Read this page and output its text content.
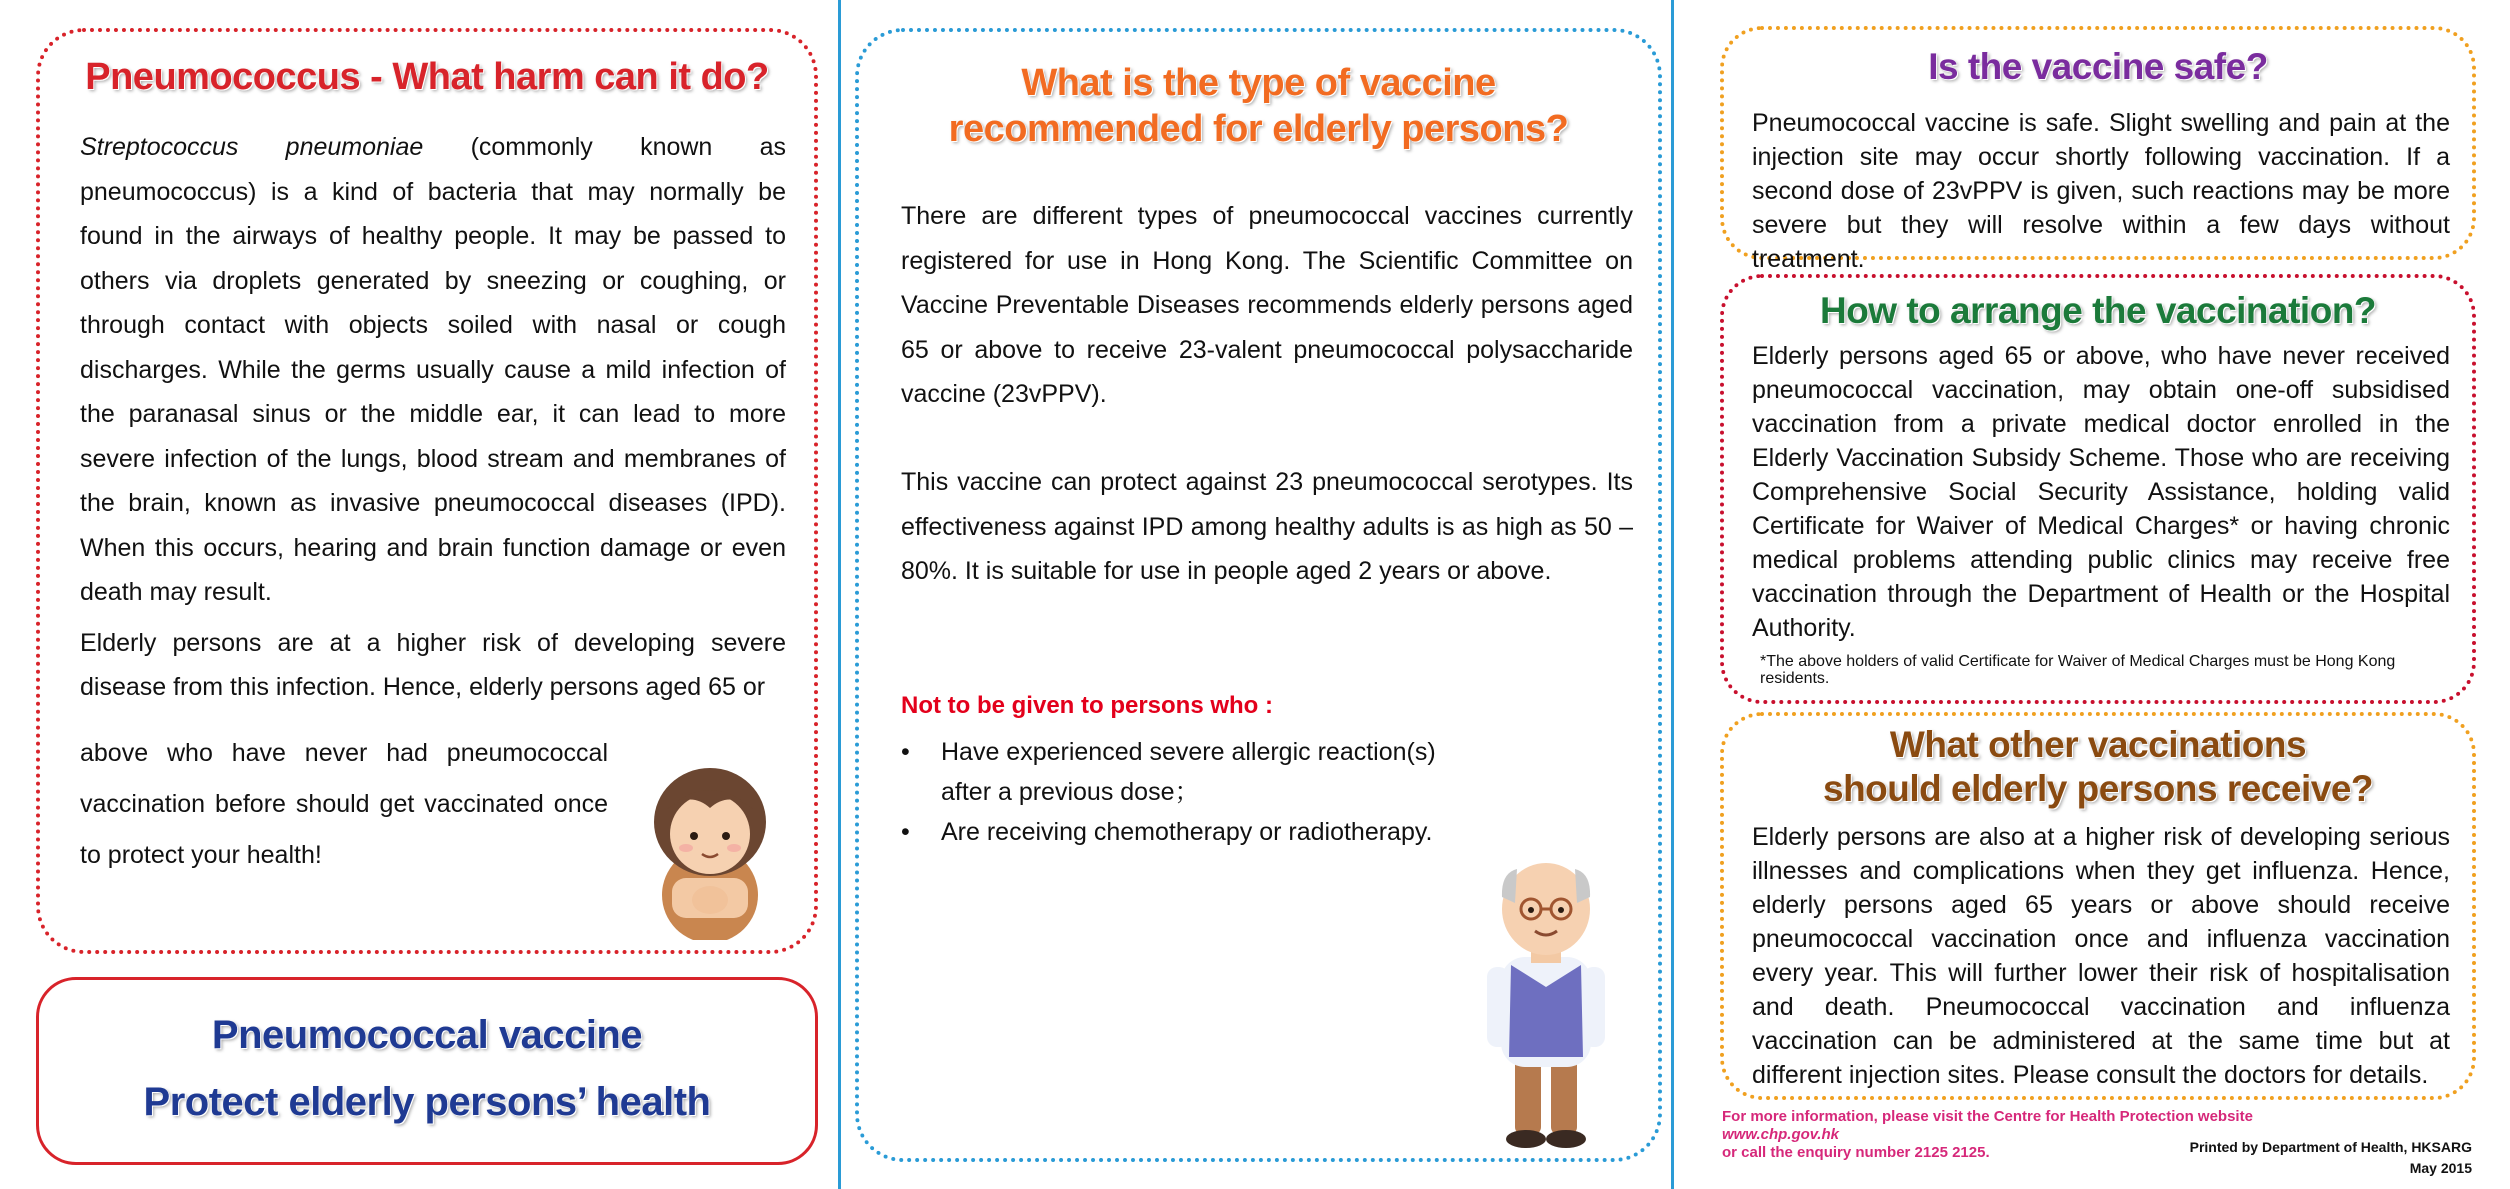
Pneumococcus - What harm can it do?

Streptococcus pneumoniae (commonly known as pneumococcus) is a kind of bacteria that may normally be found in the airways of healthy people. It may be passed to others via droplets generated by sneezing or coughing, or through contact with objects soiled with nasal or cough discharges. While the germs usually cause a mild infection of the paranasal sinus or the middle ear, it can lead to more severe infection of the lungs, blood stream and membranes of the brain, known as invasive pneumococcal diseases (IPD). When this occurs, hearing and brain function damage or even death may result.

Elderly persons are at a higher risk of developing severe disease from this infection. Hence, elderly persons aged 65 or

above who have never had pneumococcal vaccination before should get vaccinated once to protect your health!
Pneumococcal vaccine
Protect elderly persons’ health
What is the type of vaccine
recommended for elderly persons?

There are different types of pneumococcal vaccines currently registered for use in Hong Kong. The Scientific Committee on Vaccine Preventable Diseases recommends elderly persons aged 65 or above to receive 23-valent pneumococcal polysaccharide vaccine (23vPPV).

This vaccine can protect against 23 pneumococcal serotypes. Its effectiveness against IPD among healthy adults is as high as 50 – 80%. It is suitable for use in people aged 2 years or above.

Not to be given to persons who :

• Have experienced severe allergic reaction(s) after a previous dose；
• Are receiving chemotherapy or radiotherapy.
Is the vaccine safe?

Pneumococcal vaccine is safe. Slight swelling and pain at the injection site may occur shortly following vaccination. If a second dose of 23vPPV is given, such reactions may be more severe but they will resolve within a few days without treatment.

How to arrange the vaccination?

Elderly persons aged 65 or above, who have never received pneumococcal vaccination, may obtain one-off subsidised vaccination from a private medical doctor enrolled in the Elderly Vaccination Subsidy Scheme. Those who are receiving Comprehensive Social Security Assistance, holding valid Certificate for Waiver of Medical Charges* or having chronic medical problems attending public clinics may receive free vaccination through the Department of Health or the Hospital Authority.

*The above holders of valid Certificate for Waiver of Medical Charges must be Hong Kong residents.

What other vaccinations
should elderly persons receive?

Elderly persons are also at a higher risk of developing serious illnesses and complications when they get influenza. Hence, elderly persons aged 65 years or above should receive pneumococcal vaccination once and influenza vaccination every year. This will further lower their risk of hospitalisation and death. Pneumococcal vaccination and influenza vaccination can be administered at the same time but at different injection sites. Please consult the doctors for details.

For more information, please visit the Centre for Health Protection website www.chp.gov.hk
or call the enquiry number 2125 2125.	Printed by Department of Health, HKSARG
May 2015
